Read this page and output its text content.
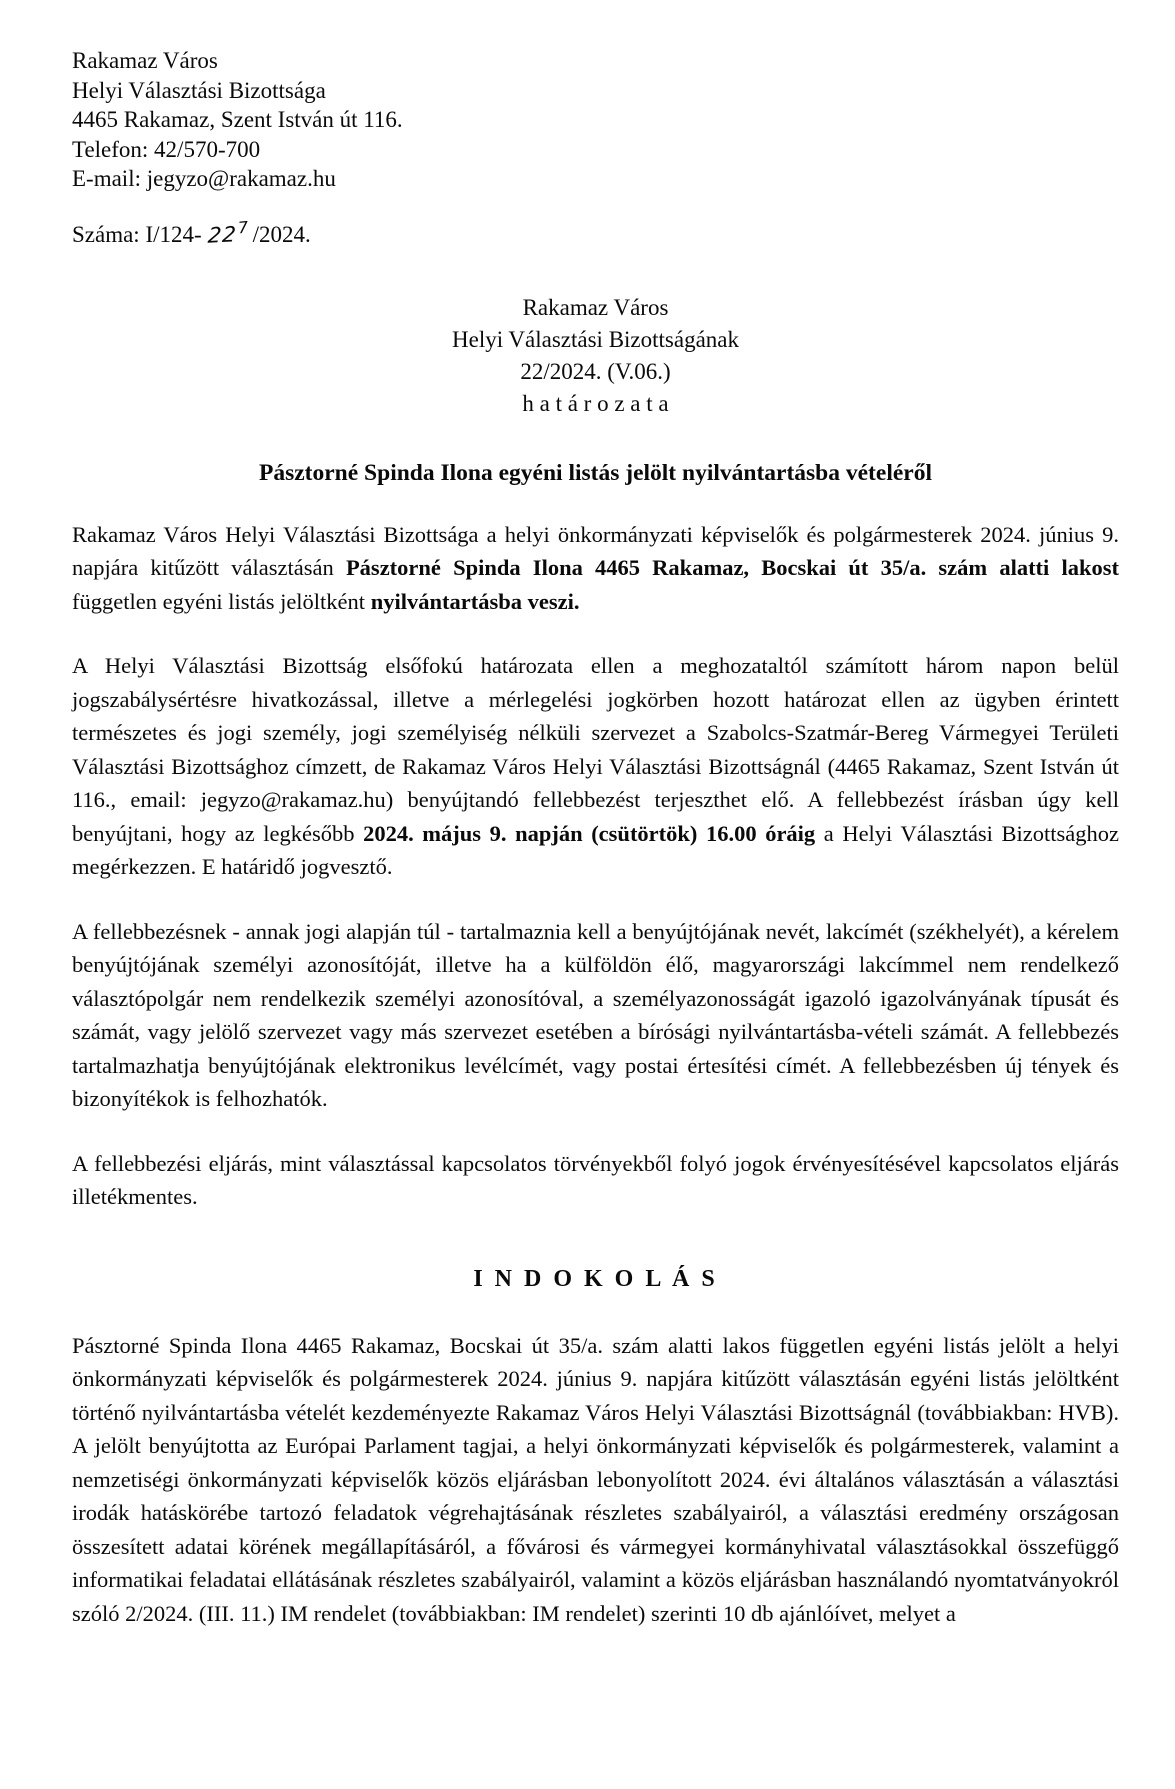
Rakamaz Város
Helyi Választási Bizottsága
4465 Rakamaz, Szent István út 116.
Telefon: 42/570-700
E-mail: jegyzo@rakamaz.hu
Száma: I/124- 227 /2024.
Rakamaz Város
Helyi Választási Bizottságának
22/2024. (V.06.)
h a t á r o z a t a
Pásztorné Spinda Ilona egyéni listás jelölt nyilvántartásba vételéről

Rakamaz Város Helyi Választási Bizottsága a helyi önkormányzati képviselők és polgármesterek 2024. június 9. napjára kitűzött választásán Pásztorné Spinda Ilona 4465 Rakamaz, Bocskai út 35/a. szám alatti lakost független egyéni listás jelöltként nyilvántartásba veszi.

A Helyi Választási Bizottság elsőfokú határozata ellen a meghozataltól számított három napon belül jogszabálysértésre hivatkozással, illetve a mérlegelési jogkörben hozott határozat ellen az ügyben érintett természetes és jogi személy, jogi személyiség nélküli szervezet a Szabolcs-Szatmár-Bereg Vármegyei Területi Választási Bizottsághoz címzett, de Rakamaz Város Helyi Választási Bizottságnál (4465 Rakamaz, Szent István út 116., email: jegyzo@rakamaz.hu) benyújtandó fellebbezést terjeszthet elő. A fellebbezést írásban úgy kell benyújtani, hogy az legkésőbb 2024. május 9. napján (csütörtök) 16.00 óráig a Helyi Választási Bizottsághoz megérkezzen. E határidő jogvesztő.

A fellebbezésnek - annak jogi alapján túl - tartalmaznia kell a benyújtójának nevét, lakcímét (székhelyét), a kérelem benyújtójának személyi azonosítóját, illetve ha a külföldön élő, magyarországi lakcímmel nem rendelkező választópolgár nem rendelkezik személyi azonosítóval, a személyazonosságát igazoló igazolványának típusát és számát, vagy jelölő szervezet vagy más szervezet esetében a bírósági nyilvántartásba-vételi számát. A fellebbezés tartalmazhatja benyújtójának elektronikus levélcímét, vagy postai értesítési címét. A fellebbezésben új tények és bizonyítékok is felhozhatók.

A fellebbezési eljárás, mint választással kapcsolatos törvényekből folyó jogok érvényesítésével kapcsolatos eljárás illetékmentes.

I N D O K O L Á S

Pásztorné Spinda Ilona 4465 Rakamaz, Bocskai út 35/a. szám alatti lakos független egyéni listás jelölt a helyi önkormányzati képviselők és polgármesterek 2024. június 9. napjára kitűzött választásán egyéni listás jelöltként történő nyilvántartásba vételét kezdeményezte Rakamaz Város Helyi Választási Bizottságnál (továbbiakban: HVB). A jelölt benyújtotta az Európai Parlament tagjai, a helyi önkormányzati képviselők és polgármesterek, valamint a nemzetiségi önkormányzati képviselők közös eljárásban lebonyolított 2024. évi általános választásán a választási irodák hatáskörébe tartozó feladatok végrehajtásának részletes szabályairól, a választási eredmény országosan összesített adatai körének megállapításáról, a fővárosi és vármegyei kormányhivatal választásokkal összefüggő informatikai feladatai ellátásának részletes szabályairól, valamint a közös eljárásban használandó nyomtatványokról szóló 2/2024. (III. 11.) IM rendelet (továbbiakban: IM rendelet) szerinti 10 db ajánlóívet, melyet a
